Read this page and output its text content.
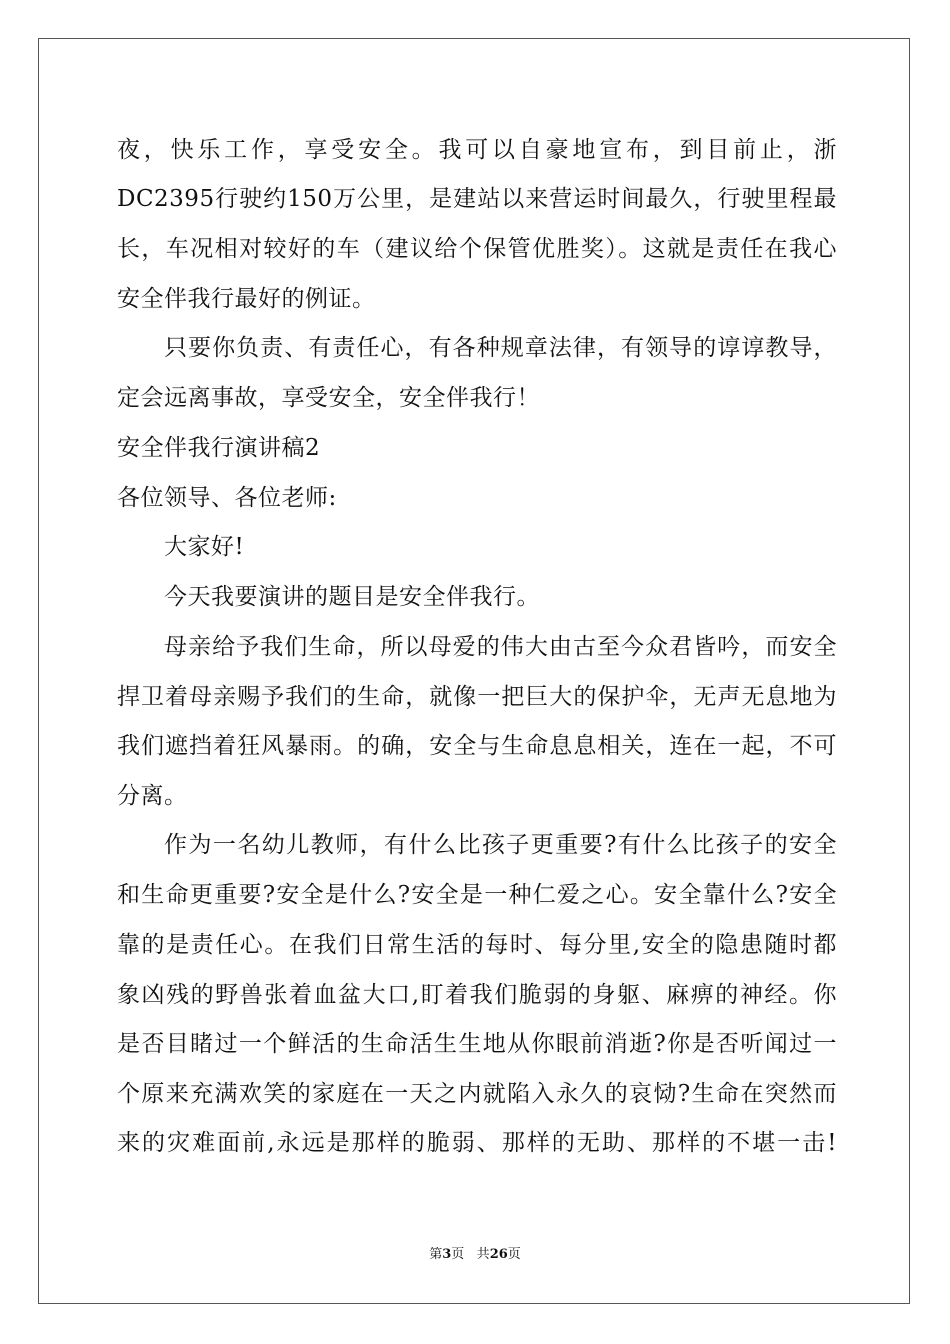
夜，快乐工作，享受安全。我可以自豪地宣布，到目前止，浙

DC2395行驶约150万公里，是建站以来营运时间最久，行驶里程最

长，车况相对较好的车（建议给个保管优胜奖）。这就是责任在我心

安全伴我行最好的例证。

只要你负责、有责任心，有各种规章法律，有领导的谆谆教导，

定会远离事故，享受安全，安全伴我行！

安全伴我行演讲稿2

各位领导、各位老师:

大家好!

今天我要演讲的题目是安全伴我行。

母亲给予我们生命，所以母爱的伟大由古至今众君皆吟，而安全

捍卫着母亲赐予我们的生命，就像一把巨大的保护伞，无声无息地为

我们遮挡着狂风暴雨。的确，安全与生命息息相关，连在一起，不可

分离。

作为一名幼儿教师，有什么比孩子更重要?有什么比孩子的安全

和生命更重要?安全是什么?安全是一种仁爱之心。安全靠什么?安全

靠的是责任心。在我们日常生活的每时、每分里,安全的隐患随时都

象凶残的野兽张着血盆大口,盯着我们脆弱的身躯、麻痹的神经。你

是否目睹过一个鲜活的生命活生生地从你眼前消逝?你是否听闻过一

个原来充满欢笑的家庭在一天之内就陷入永久的哀恸?生命在突然而

来的灾难面前,永远是那样的脆弱、那样的无助、那样的不堪一击!

第3页 共26页
